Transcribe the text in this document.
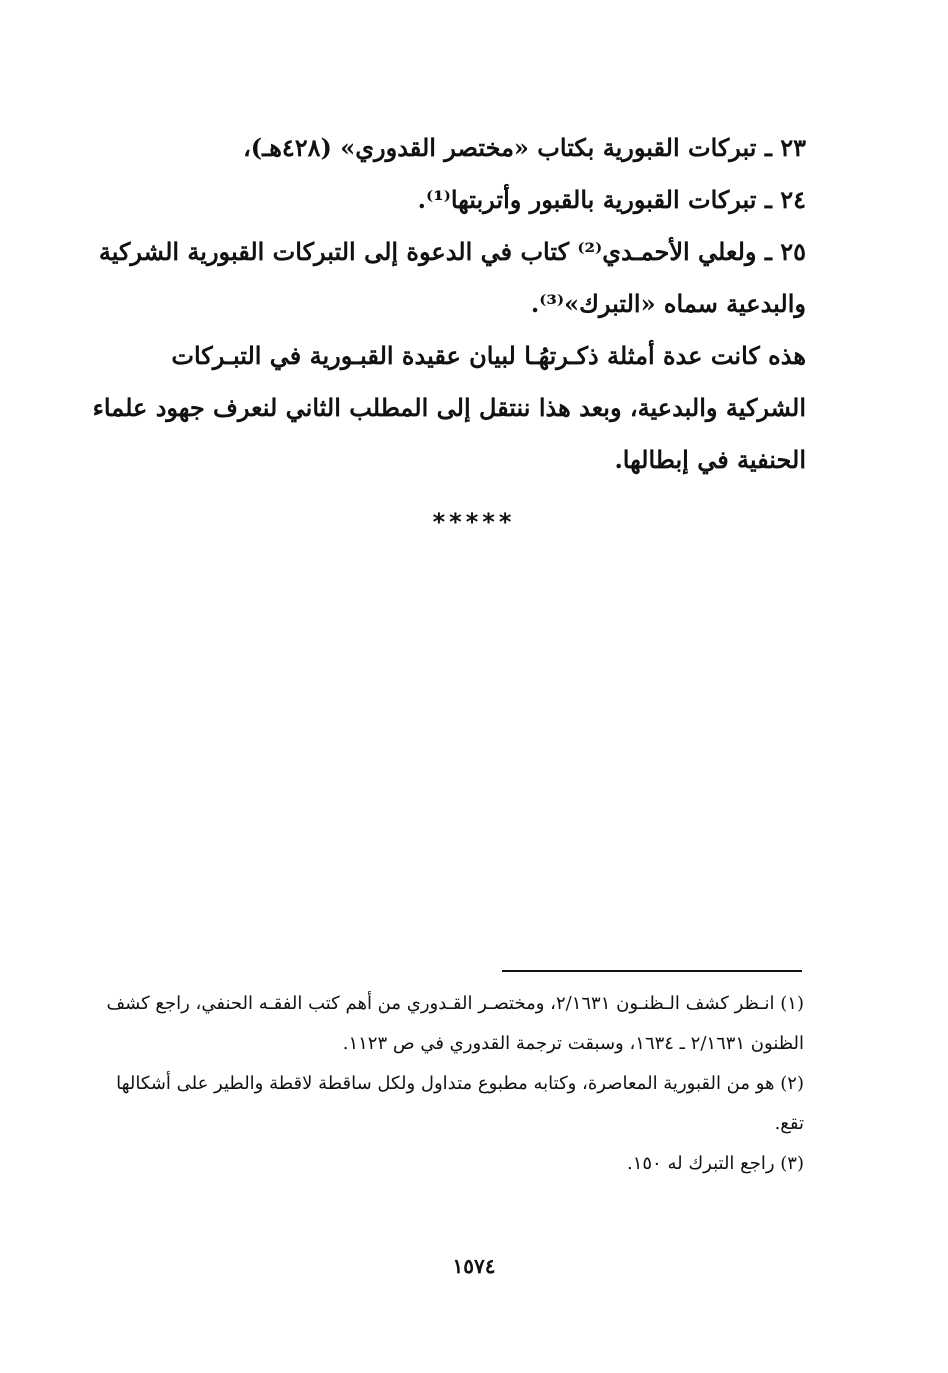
٢٣ ـ تبركات القبورية بكتاب «مختصر القدوري» (٤٢٨هـ)،

٢٤ ـ تبركات القبورية بالقبور وأتربتها⁽¹⁾.

٢٥ ـ ولعلي الأحمـدي⁽²⁾ كتاب في الدعوة إلى التبركات القبورية الشركية والبدعية سماه «التبرك»⁽³⁾.

هذه كانت عدة أمثلة ذكـرتهُـا لبيان عقيدة القبـورية في التبـركات الشركية والبدعية، وبعد هذا ننتقل إلى المطلب الثاني لنعرف جهود علماء الحنفية في إبطالها.

*****

(١) انـظر كشف الـظنـون ٢/١٦٣١، ومختصـر القـدوري من أهم كتب الفقـه الحنفي، راجع كشف الظنون ٢/١٦٣١ ـ ١٦٣٤، وسبقت ترجمة القدوري في ص ١١٢٣.

(٢) هو من القبورية المعاصرة، وكتابه مطبوع متداول ولكل ساقطة لاقطة والطير على أشكالها تقع.

(٣) راجع التبرك له ١٥٠.

١٥٧٤
